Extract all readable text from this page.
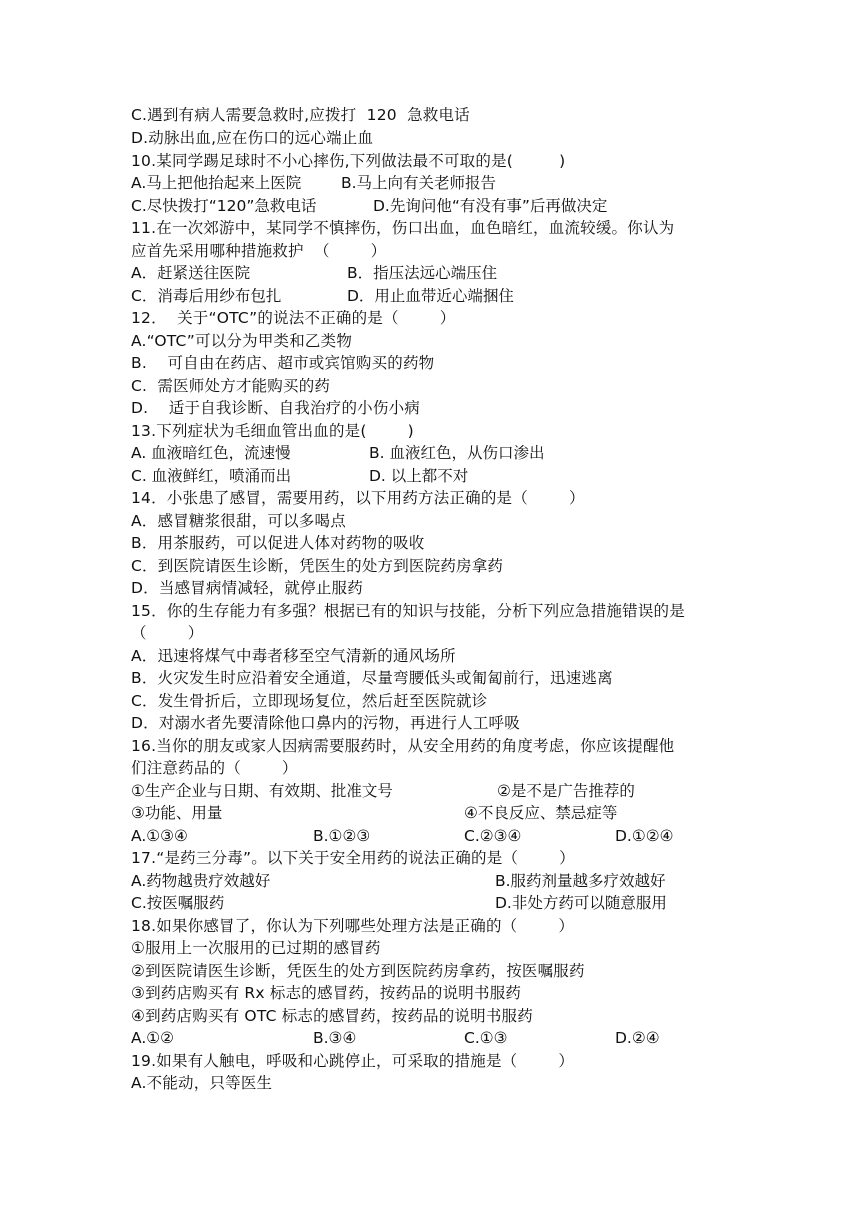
C.遇到有病人需要急救时,应拨打  120  急救电话
D.动脉出血,应在伤口的远心端止血
10.某同学踢足球时不小心摔伤,下列做法最不可取的是(         )
A.马上把他抬起来上医院	B.马上向有关老师报告
C.尽快拨打“120”急救电话	D.先询问他“有没有事”后再做决定
11.在一次郊游中，某同学不慎摔伤，伤口出血，血色暗红，血流较缓。你认为
应首先采用哪种措施救护  （        ）
A．赶紧送往医院	B．指压法远心端压住
C．消毒后用纱布包扎	D．用止血带近心端捆住
12．  关于“OTC”的说法不正确的是（        ）
A.“OTC”可以分为甲类和乙类物
B.    可自由在药店、超市或宾馆购买的药物
C.  需医师处方才能购买的药
D.    适于自我诊断、自我治疗的小伤小病
13.下列症状为毛细血管出血的是(        )
A. 血液暗红色，流速慢	B. 血液红色，从伤口渗出
C. 血液鲜红，喷涌而出	D. 以上都不对
14．小张患了感冒，需要用药，以下用药方法正确的是（        ）
A．感冒糖浆很甜，可以多喝点
B．用茶服药，可以促进人体对药物的吸收
C．到医院请医生诊断，凭医生的处方到医院药房拿药
D．当感冒病情减轻，就停止服药
15．你的生存能力有多强？根据已有的知识与技能，分析下列应急措施错误的是
（        ）
A．迅速将煤气中毒者移至空气清新的通风场所
B．火灾发生时应沿着安全通道，尽量弯腰低头或匍匐前行，迅速逃离
C．发生骨折后，立即现场复位，然后赶至医院就诊
D．对溺水者先要清除他口鼻内的污物，再进行人工呼吸
16.当你的朋友或家人因病需要服药时，从安全用药的角度考虑，你应该提醒他
们注意药品的（        ）
①生产企业与日期、有效期、批准文号	②是不是广告推荐的
③功能、用量	④不良反应、禁忌症等
A.①③④	B.①②③	C.②③④	D.①②④
17.“是药三分毒”。以下关于安全用药的说法正确的是（        ）
A.药物越贵疗效越好	B.服药剂量越多疗效越好
C.按医嘱服药	D.非处方药可以随意服用
18.如果你感冒了，你认为下列哪些处理方法是正确的（        ）
①服用上一次服用的已过期的感冒药
②到医院请医生诊断，凭医生的处方到医院药房拿药，按医嘱服药
③到药店购买有 Rx 标志的感冒药，按药品的说明书服药
④到药店购买有 OTC 标志的感冒药，按药品的说明书服药
A.①②	B.③④	C.①③	D.②④
19.如果有人触电，呼吸和心跳停止，可采取的措施是（        ）
A.不能动，只等医生
